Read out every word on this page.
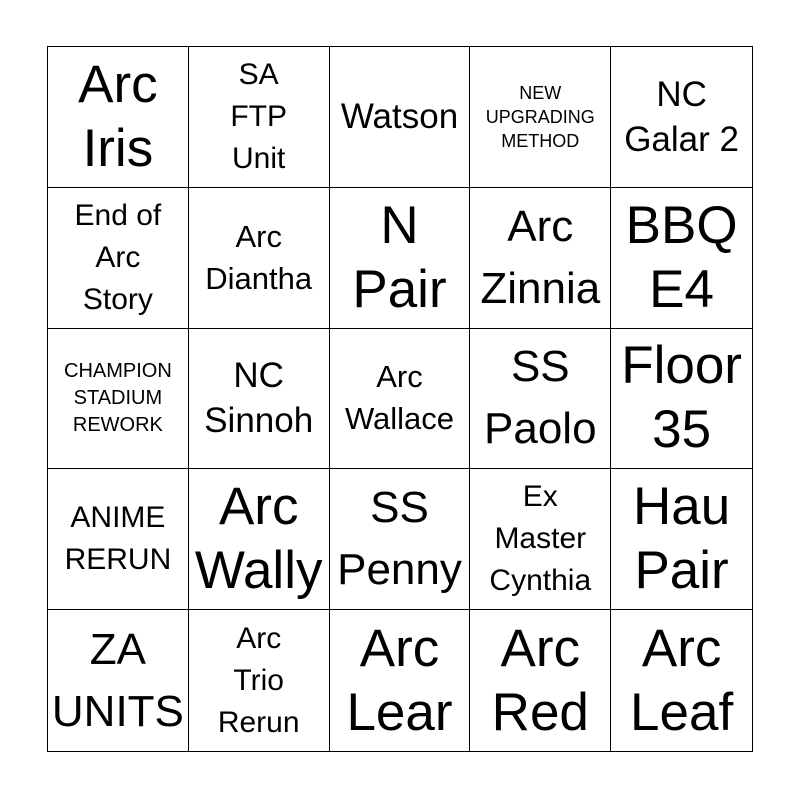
Arc
Iris
SA
FTP
Unit
Watson
NEW
UPGRADING
METHOD
NC
Galar 2
End of
Arc
Story
Arc
Diantha
N
Pair
Arc
Zinnia
BBQ
E4
CHAMPION
STADIUM
REWORK
NC
Sinnoh
Arc
Wallace
SS
Paolo
Floor
35
ANIME
RERUN
Arc
Wally
SS
Penny
Ex
Master
Cynthia
Hau
Pair
ZA
UNITS
Arc
Trio
Rerun
Arc
Lear
Arc
Red
Arc
Leaf
